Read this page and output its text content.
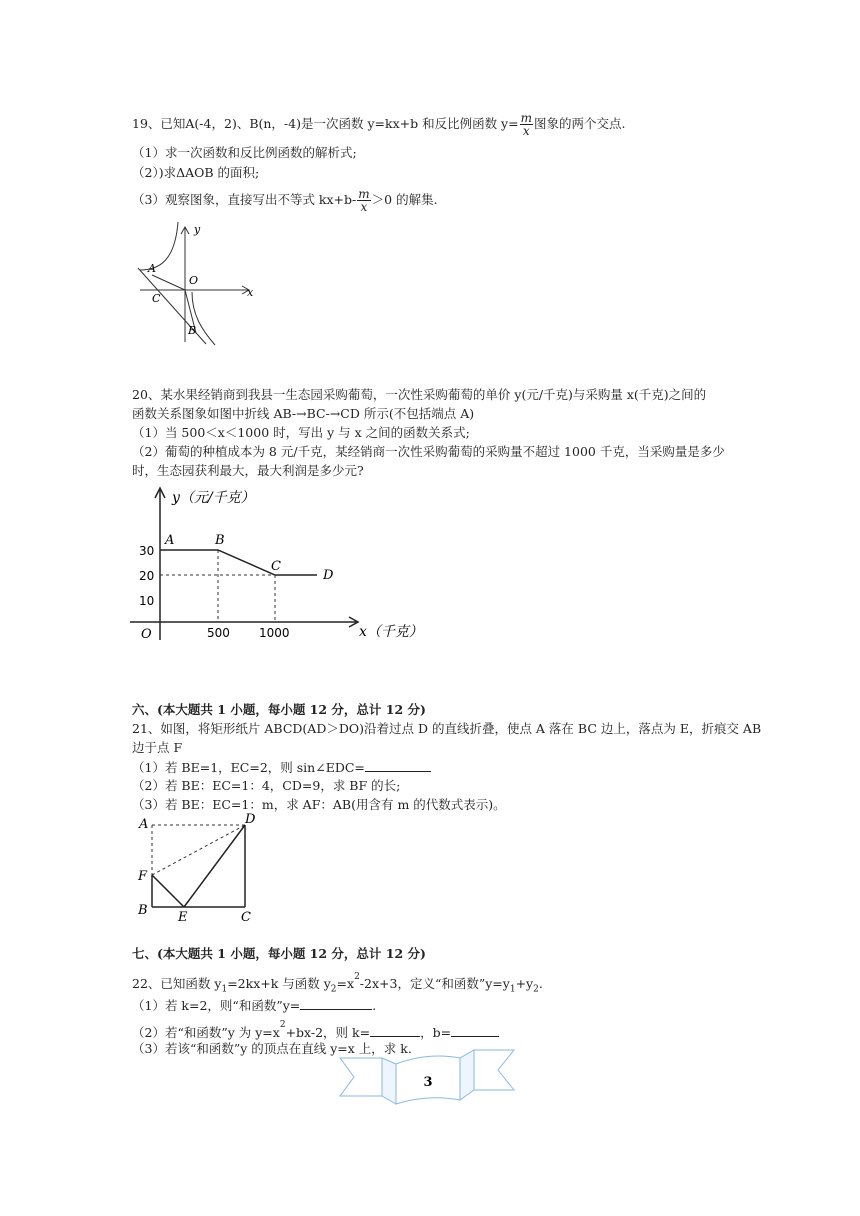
19、已知A(-4，2)、B(n，-4)是一次函数 y=kx+b 和反比例函数 $y= \frac{m}{x}$ 图象的两个交点.
（1）求一次函数和反比例函数的解析式;
（2）)求ΔAOB 的面积;
（3）观察图象，直接写出不等式 $kx+b- \frac{m}{x} >0$ 的解集.
A
O
C
B
x
y
20、某水果经销商到我县一生态园采购葡萄，一次性采购葡萄的单价 y(元/千克)与采购量 x(千克)之间的
函数关系图象如图中折线 AB-→BC-→CD 所示(不包括端点 A)
（1）当 500＜x＜1000 时，写出 y 与 x 之间的函数关系式;
（2）葡萄的种植成本为 8 元/千克，某经销商一次性采购葡萄的采购量不超过 1000 千克，当采购量是多少
时，生态园获利最大，最大利润是多少元?
y（元/千克）
x（千克）
O
30
20
10
500 1000
A	B
C
D
六、(本大题共 1 小题，每小题 12 分，总计 12 分)
21、如图，将矩形纸片 ABCD(AD＞DO)沿着过点 D 的直线折叠，使点 A 落在 BC 边上，落点为 E，折痕交 AB
边于点 F
（1）若 BE=1，EC=2，则 sin∠EDC=
（2）若 BE：EC=1：4，CD=9，求 BF 的长;
（3）若 BE：EC=1：m，求 AF：AB(用含有 m 的代数式表示)。
A	D
F
B E	C
七、(本大题共 1 小题，每小题 12 分，总计 12 分)
22、已知函数 $y_1=2kx+k$ 与函数 $y_2=x^2-2x+3$，定义“和函数$”y=y_1+y_2$.
（1）若 k=2，则“和函数”y=	.
（2）若“和函数”y 为 $y=x^2+bx-2$，则 k=	，b=
（3）若该“和函数”y 的顶点在直线 y=x 上，求 k.
3
